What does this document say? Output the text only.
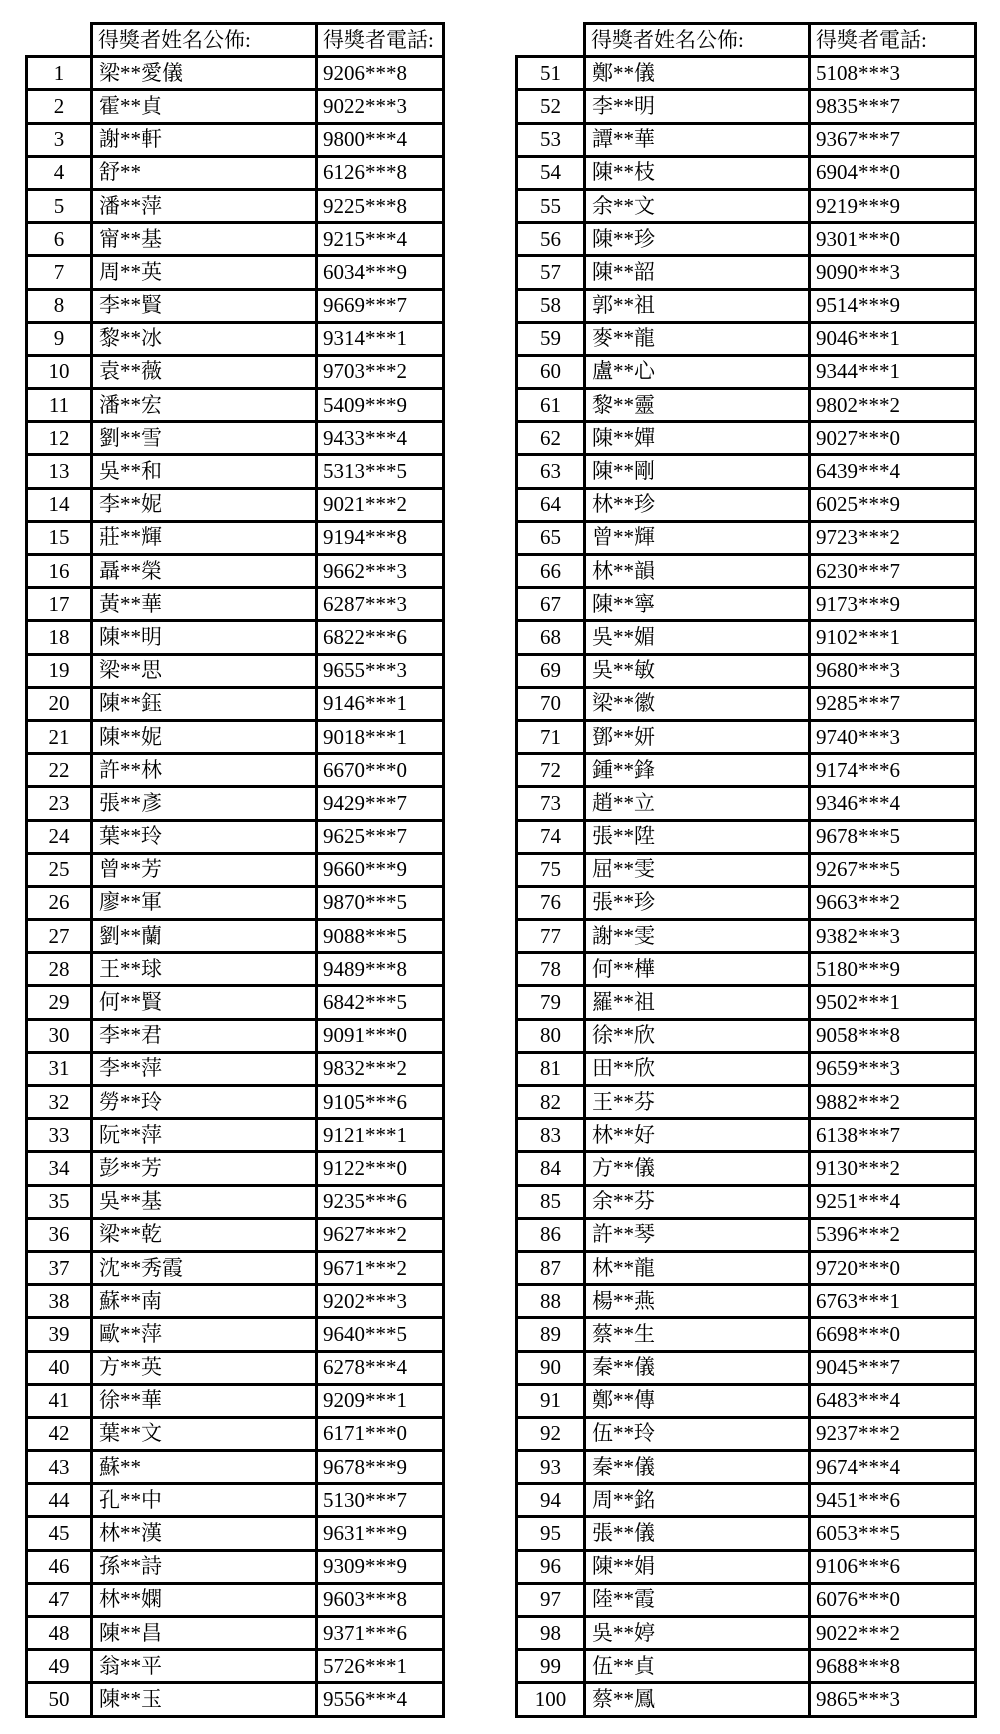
	得獎者姓名公佈:	得獎者電話:
1	梁**愛儀	9206***8
2	霍**貞	9022***3
3	謝**軒	9800***4
4	舒**	6126***8
5	潘**萍	9225***8
6	甯**基	9215***4
7	周**英	6034***9
8	李**賢	9669***7
9	黎**冰	9314***1
10	袁**薇	9703***2
11	潘**宏	5409***9
12	劉**雪	9433***4
13	吳**和	5313***5
14	李**妮	9021***2
15	莊**輝	9194***8
16	聶**榮	9662***3
17	黃**華	6287***3
18	陳**明	6822***6
19	梁**思	9655***3
20	陳**鈺	9146***1
21	陳**妮	9018***1
22	許**林	6670***0
23	張**彥	9429***7
24	葉**玲	9625***7
25	曾**芳	9660***9
26	廖**軍	9870***5
27	劉**蘭	9088***5
28	王**球	9489***8
29	何**賢	6842***5
30	李**君	9091***0
31	李**萍	9832***2
32	勞**玲	9105***6
33	阮**萍	9121***1
34	彭**芳	9122***0
35	吳**基	9235***6
36	梁**乾	9627***2
37	沈**秀霞	9671***2
38	蘇**南	9202***3
39	歐**萍	9640***5
40	方**英	6278***4
41	徐**華	9209***1
42	葉**文	6171***0
43	蘇**	9678***9
44	孔**中	5130***7
45	林**漢	9631***9
46	孫**詩	9309***9
47	林**嫻	9603***8
48	陳**昌	9371***6
49	翁**平	5726***1
50	陳**玉	9556***4
	得獎者姓名公佈:	得獎者電話:
51	鄭**儀	5108***3
52	李**明	9835***7
53	譚**華	9367***7
54	陳**枝	6904***0
55	余**文	9219***9
56	陳**珍	9301***0
57	陳**韶	9090***3
58	郭**祖	9514***9
59	麥**龍	9046***1
60	盧**心	9344***1
61	黎**靈	9802***2
62	陳**嬋	9027***0
63	陳**剛	6439***4
64	林**珍	6025***9
65	曾**輝	9723***2
66	林**韻	6230***7
67	陳**寧	9173***9
68	吳**媚	9102***1
69	吳**敏	9680***3
70	梁**徽	9285***7
71	鄧**妍	9740***3
72	鍾**鋒	9174***6
73	趙**立	9346***4
74	張**陞	9678***5
75	屈**雯	9267***5
76	張**珍	9663***2
77	謝**雯	9382***3
78	何**樺	5180***9
79	羅**祖	9502***1
80	徐**欣	9058***8
81	田**欣	9659***3
82	王**芬	9882***2
83	林**好	6138***7
84	方**儀	9130***2
85	余**芬	9251***4
86	許**琴	5396***2
87	林**龍	9720***0
88	楊**燕	6763***1
89	蔡**生	6698***0
90	秦**儀	9045***7
91	鄭**傳	6483***4
92	伍**玲	9237***2
93	秦**儀	9674***4
94	周**銘	9451***6
95	張**儀	6053***5
96	陳**娟	9106***6
97	陸**霞	6076***0
98	吳**婷	9022***2
99	伍**貞	9688***8
100	蔡**鳳	9865***3
